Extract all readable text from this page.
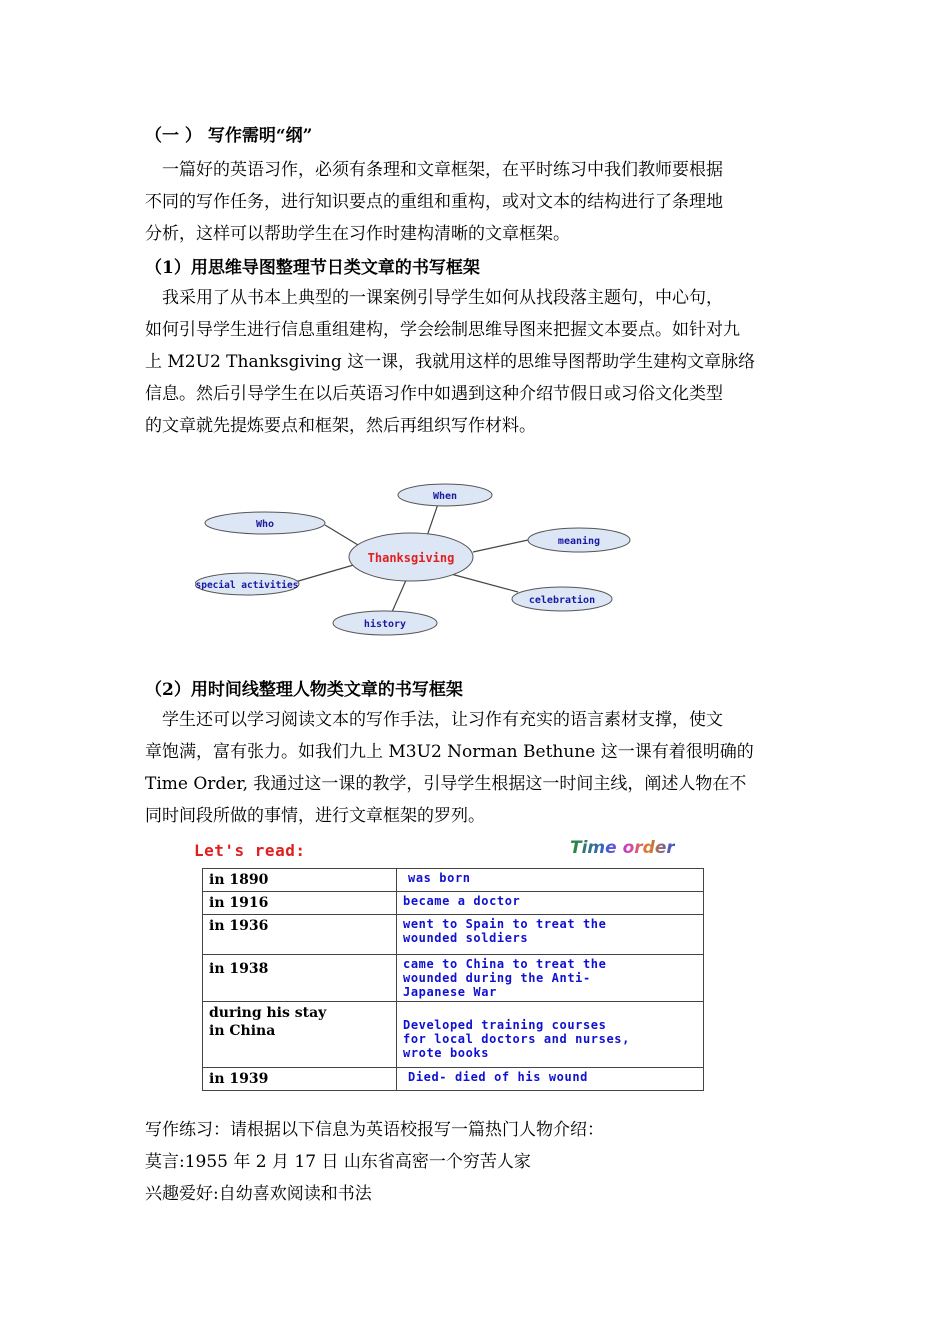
（一 ） 写作需明“纲”
一篇好的英语习作，必须有条理和文章框架，在平时练习中我们教师要根据
不同的写作任务，进行知识要点的重组和重构，或对文本的结构进行了条理地
分析，这样可以帮助学生在习作时建构清晰的文章框架。
（1）用思维导图整理节日类文章的书写框架
我采用了从书本上典型的一课案例引导学生如何从找段落主题句，中心句，
如何引导学生进行信息重组建构，学会绘制思维导图来把握文本要点。如针对九
上 M2U2 Thanksgiving 这一课，我就用这样的思维导图帮助学生建构文章脉络
信息。然后引导学生在以后英语习作中如遇到这种介绍节假日或习俗文化类型
的文章就先提炼要点和框架，然后再组织写作材料。
When
Who
meaning
special activities
celebration
history
Thanksgiving
（2）用时间线整理人物类文章的书写框架
学生还可以学习阅读文本的写作手法，让习作有充实的语言素材支撑，使文
章饱满，富有张力。如我们九上 M3U2 Norman Bethune 这一课有着很明确的
Time Order, 我通过这一课的教学，引导学生根据这一时间主线，阐述人物在不
同时间段所做的事情，进行文章框架的罗列。
Let's read:	Time order
in 1890	was born

in 1916	became a doctor

in 1936	went to Spain to treat the
wounded soldiers

in 1938	came to China to treat the
wounded during the Anti-
Japanese War

during his stay
in China	Developed training courses
for local doctors and nurses,
wrote books

in 1939	Died- died of his wound
写作练习：请根据以下信息为英语校报写一篇热门人物介绍：
莫言:1955 年 2 月 17 日 山东省高密一个穷苦人家
兴趣爱好:自幼喜欢阅读和书法
